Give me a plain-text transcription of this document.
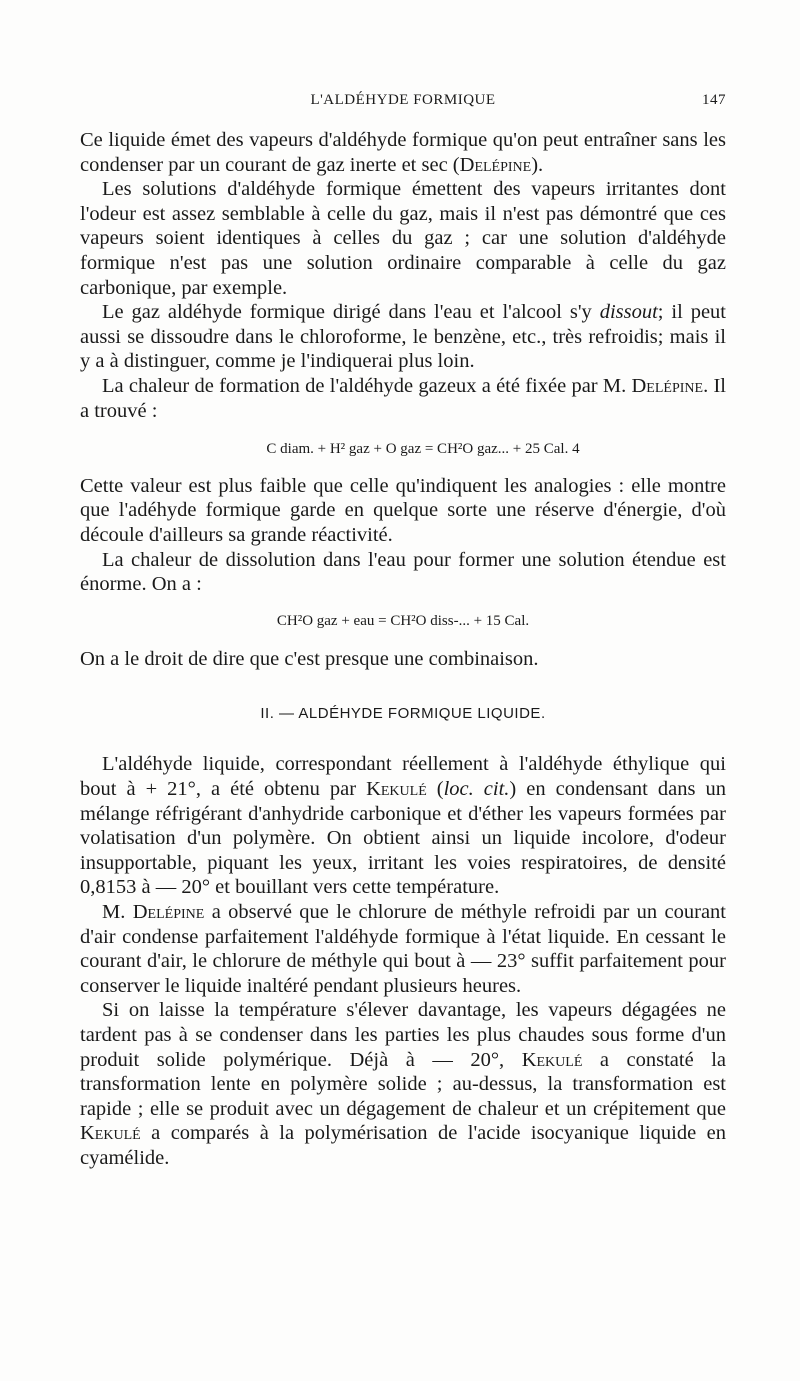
L'ALDÉHYDE FORMIQUE	147

Ce liquide émet des vapeurs d'aldéhyde formique qu'on peut entraîner sans les condenser par un courant de gaz inerte et sec (Delépine).

Les solutions d'aldéhyde formique émettent des vapeurs irritantes dont l'odeur est assez semblable à celle du gaz, mais il n'est pas démontré que ces vapeurs soient identiques à celles du gaz ; car une solution d'aldéhyde formique n'est pas une solution ordinaire comparable à celle du gaz carbonique, par exemple.

Le gaz aldéhyde formique dirigé dans l'eau et l'alcool s'y dissout; il peut aussi se dissoudre dans le chloroforme, le benzène, etc., très refroidis; mais il y a à distinguer, comme je l'indiquerai plus loin.

La chaleur de formation de l'aldéhyde gazeux a été fixée par M. Delépine. Il a trouvé :

C diam. + H² gaz + O gaz = CH²O gaz... + 25 Cal. 4

Cette valeur est plus faible que celle qu'indiquent les analogies : elle montre que l'adéhyde formique garde en quelque sorte une réserve d'énergie, d'où découle d'ailleurs sa grande réactivité.

La chaleur de dissolution dans l'eau pour former une solution étendue est énorme. On a :

CH²O gaz + eau = CH²O diss-... + 15 Cal.

On a le droit de dire que c'est presque une combinaison.

II. — ALDÉHYDE FORMIQUE LIQUIDE.

L'aldéhyde liquide, correspondant réellement à l'aldéhyde éthylique qui bout à + 21°, a été obtenu par Kekulé (loc. cit.) en condensant dans un mélange réfrigérant d'anhydride carbonique et d'éther les vapeurs formées par volatisation d'un polymère. On obtient ainsi un liquide incolore, d'odeur insupportable, piquant les yeux, irritant les voies respiratoires, de densité 0,8153 à — 20° et bouillant vers cette température.

M. Delépine a observé que le chlorure de méthyle refroidi par un courant d'air condense parfaitement l'aldéhyde formique à l'état liquide. En cessant le courant d'air, le chlorure de méthyle qui bout à — 23° suffit parfaitement pour conserver le liquide inaltéré pendant plusieurs heures.

Si on laisse la température s'élever davantage, les vapeurs dégagées ne tardent pas à se condenser dans les parties les plus chaudes sous forme d'un produit solide polymérique. Déjà à — 20°, Kekulé a constaté la transformation lente en polymère solide ; au-dessus, la transformation est rapide ; elle se produit avec un dégagement de chaleur et un crépitement que Kekulé a comparés à la polymérisation de l'acide isocyanique liquide en cyamélide.
